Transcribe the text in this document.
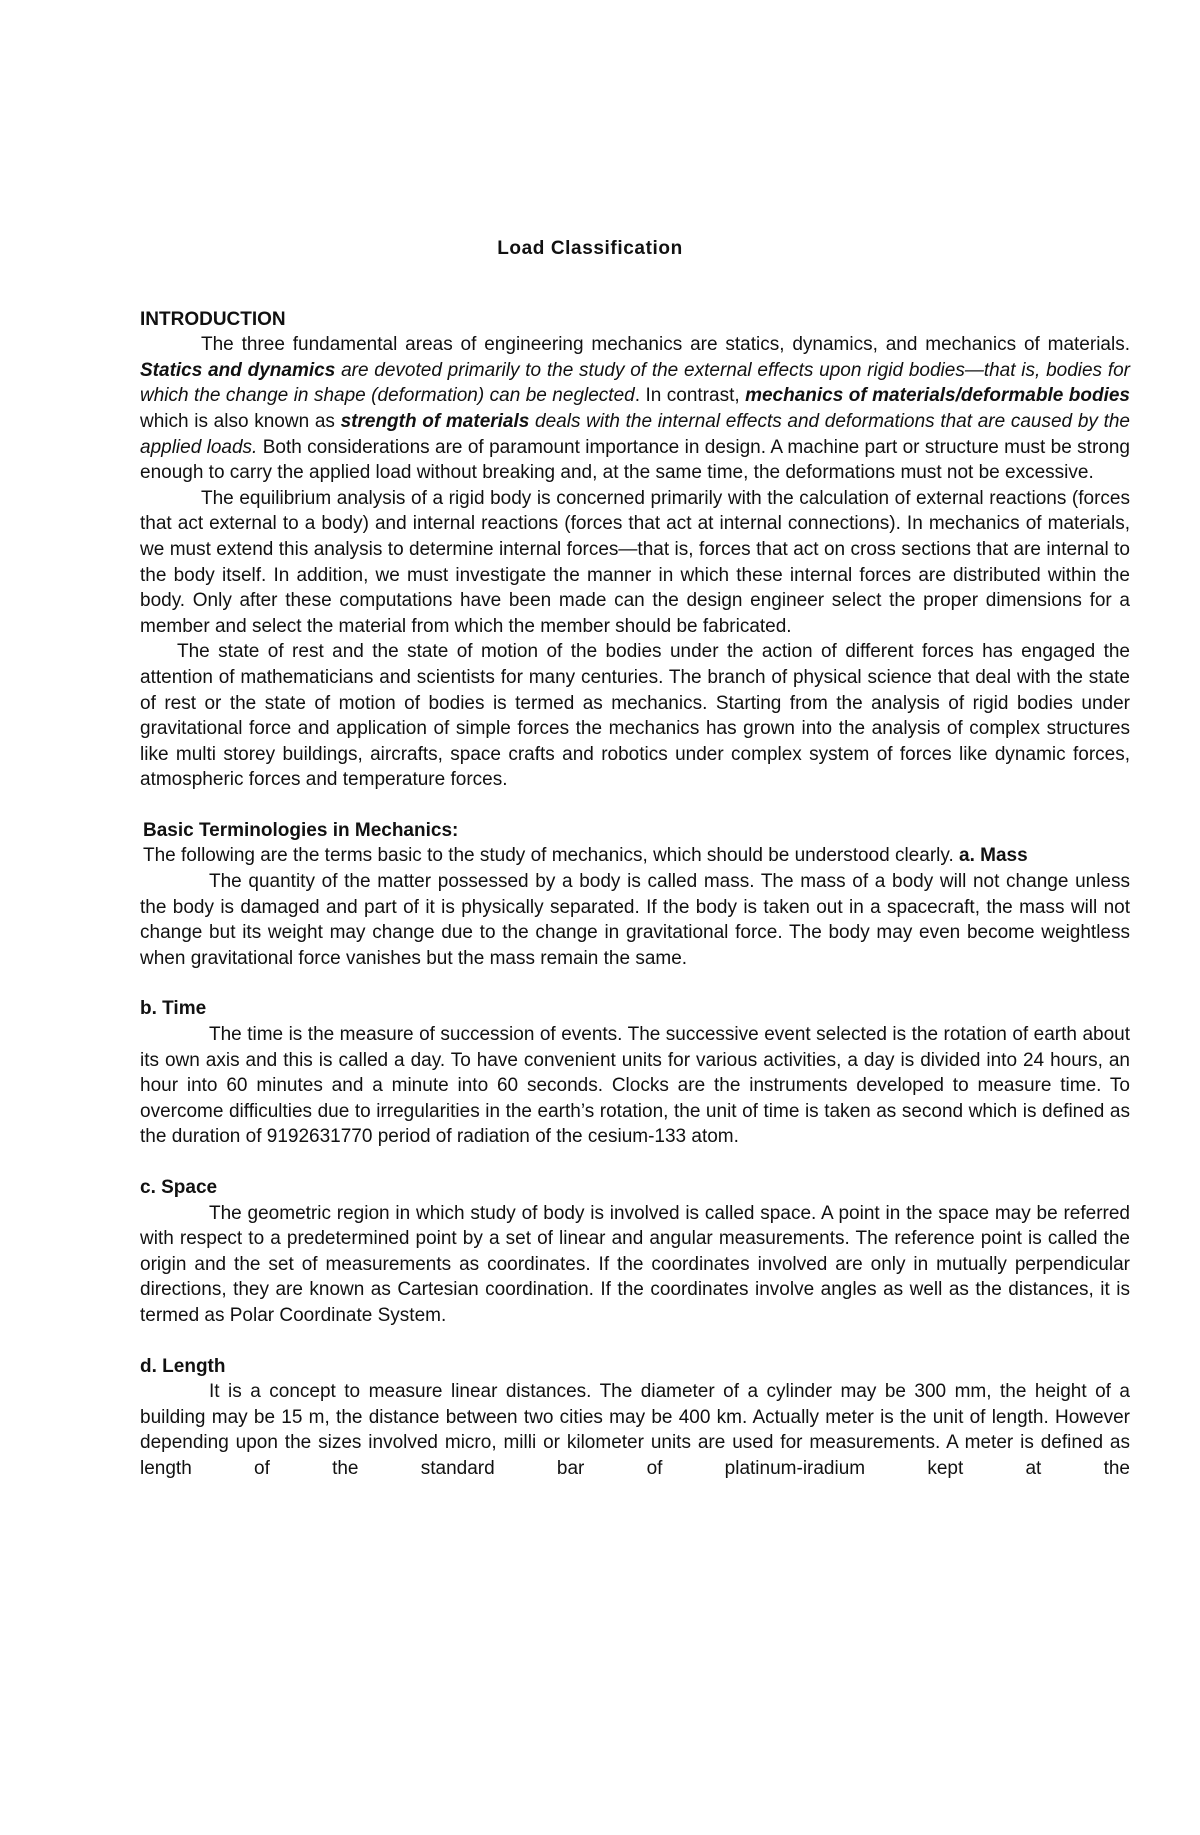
Load Classification
INTRODUCTION

The three fundamental areas of engineering mechanics are statics, dynamics, and mechanics of materials. Statics and dynamics are devoted primarily to the study of the external effects upon rigid bodies—that is, bodies for which the change in shape (deformation) can be neglected. In contrast, mechanics of materials/deformable bodies which is also known as strength of materials deals with the internal effects and deformations that are caused by the applied loads. Both considerations are of paramount importance in design. A machine part or structure must be strong enough to carry the applied load without breaking and, at the same time, the deformations must not be excessive.

The equilibrium analysis of a rigid body is concerned primarily with the calculation of external reactions (forces that act external to a body) and internal reactions (forces that act at internal connections). In mechanics of materials, we must extend this analysis to determine internal forces—that is, forces that act on cross sections that are internal to the body itself. In addition, we must investigate the manner in which these internal forces are distributed within the body. Only after these computations have been made can the design engineer select the proper dimensions for a member and select the material from which the member should be fabricated.

The state of rest and the state of motion of the bodies under the action of different forces has engaged the attention of mathematicians and scientists for many centuries. The branch of physical science that deal with the state of rest or the state of motion of bodies is termed as mechanics. Starting from the analysis of rigid bodies under gravitational force and application of simple forces the mechanics has grown into the analysis of complex structures like multi storey buildings, aircrafts, space crafts and robotics under complex system of forces like dynamic forces, atmospheric forces and temperature forces.

Basic Terminologies in Mechanics:

The following are the terms basic to the study of mechanics, which should be understood clearly. a. Mass

The quantity of the matter possessed by a body is called mass. The mass of a body will not change unless the body is damaged and part of it is physically separated. If the body is taken out in a spacecraft, the mass will not change but its weight may change due to the change in gravitational force. The body may even become weightless when gravitational force vanishes but the mass remain the same.

b. Time

The time is the measure of succession of events. The successive event selected is the rotation of earth about its own axis and this is called a day. To have convenient units for various activities, a day is divided into 24 hours, an hour into 60 minutes and a minute into 60 seconds. Clocks are the instruments developed to measure time. To overcome difficulties due to irregularities in the earth’s rotation, the unit of time is taken as second which is defined as the duration of 9192631770 period of radiation of the cesium-133 atom.

c. Space

The geometric region in which study of body is involved is called space. A point in the space may be referred with respect to a predetermined point by a set of linear and angular measurements. The reference point is called the origin and the set of measurements as coordinates. If the coordinates involved are only in mutually perpendicular directions, they are known as Cartesian coordination. If the coordinates involve angles as well as the distances, it is termed as Polar Coordinate System.

d. Length

It is a concept to measure linear distances. The diameter of a cylinder may be 300 mm, the height of a building may be 15 m, the distance between two cities may be 400 km. Actually meter is the unit of length. However depending upon the sizes involved micro, milli or kilometer units are used for measurements. A meter is defined as length of the standard bar of platinum-iradium kept at the
